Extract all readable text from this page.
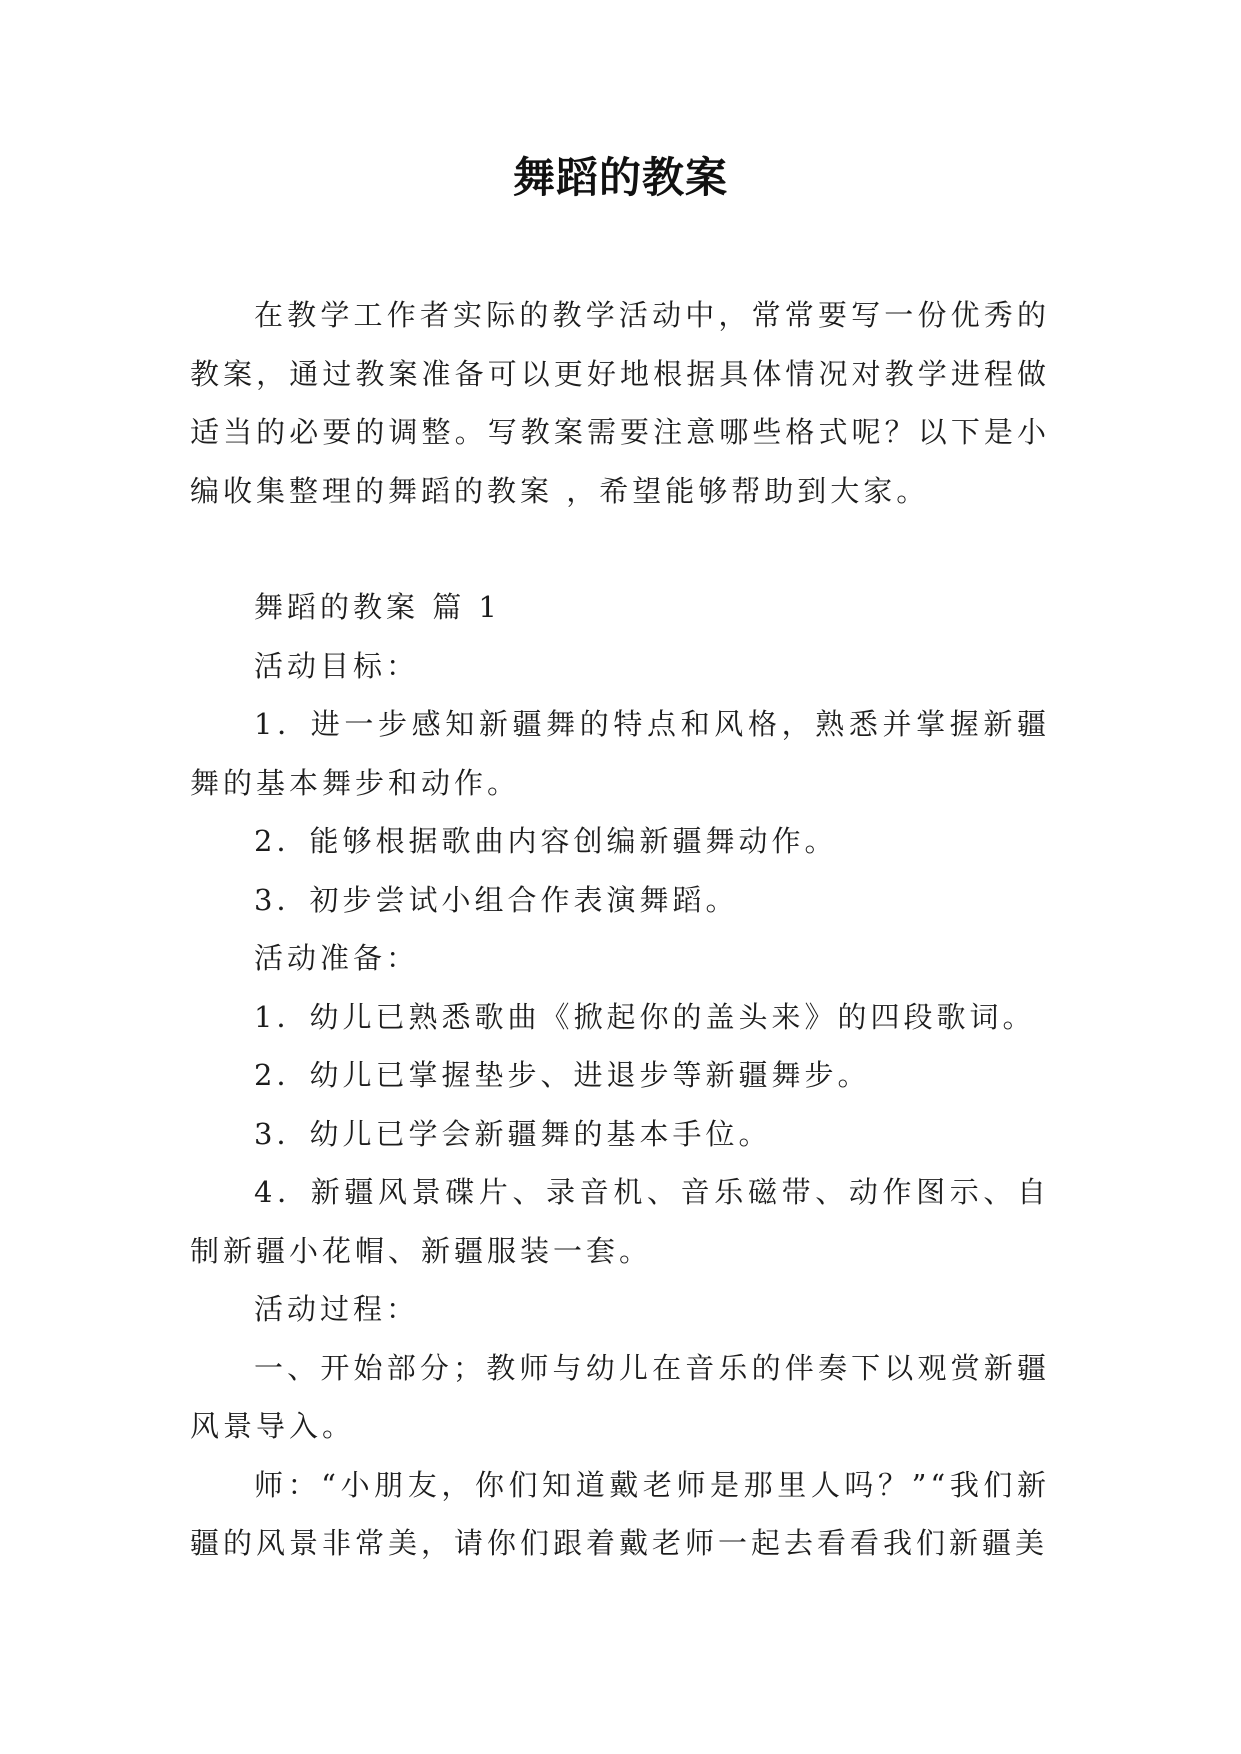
舞蹈的教案

在教学工作者实际的教学活动中，常常要写一份优秀的教案，通过教案准备可以更好地根据具体情况对教学进程做适当的必要的调整。写教案需要注意哪些格式呢？以下是小编收集整理的舞蹈的教案 ，希望能够帮助到大家。

舞蹈的教案 篇 1

活动目标：

1．进一步感知新疆舞的特点和风格，熟悉并掌握新疆舞的基本舞步和动作。

2．能够根据歌曲内容创编新疆舞动作。

3．初步尝试小组合作表演舞蹈。

活动准备：

1．幼儿已熟悉歌曲《掀起你的盖头来》的四段歌词。

2．幼儿已掌握垫步、进退步等新疆舞步。

3．幼儿已学会新疆舞的基本手位。

4．新疆风景碟片、录音机、音乐磁带、动作图示、自制新疆小花帽、新疆服装一套。

活动过程：

一、开始部分；教师与幼儿在音乐的伴奏下以观赏新疆风景导入。

师：“小朋友，你们知道戴老师是那里人吗？”“我们新疆的风景非常美，请你们跟着戴老师一起去看看我们新疆美
